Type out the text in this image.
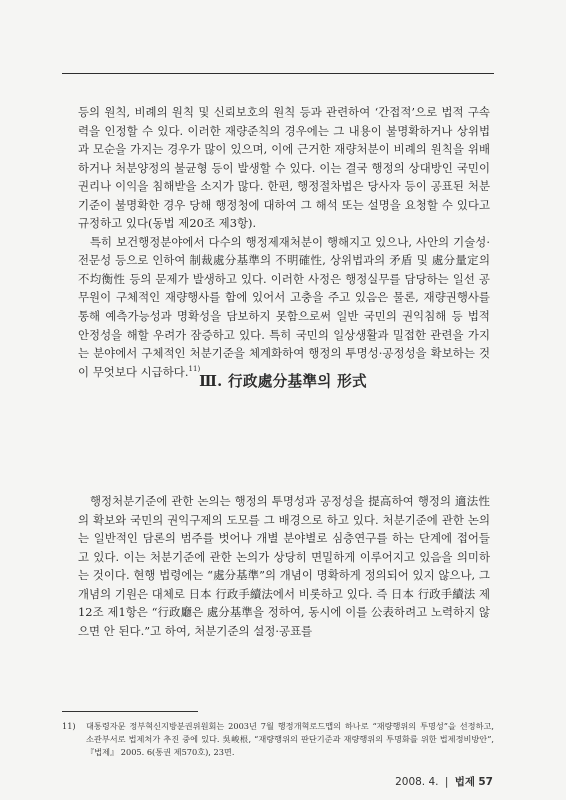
등의 원칙, 비례의 원칙 및 신뢰보호의 원칙 등과 관련하여 ‘간접적’으로 법적 구속력을 인정할 수 있다. 이러한 재량준칙의 경우에는 그 내용이 불명확하거나 상위법과 모순을 가지는 경우가 많이 있으며, 이에 근거한 재량처분이 비례의 원칙을 위배하거나 처분양정의 불균형 등이 발생할 수 있다. 이는 결국 행정의 상대방인 국민이 권리나 이익을 침해받을 소지가 많다. 한편, 행정절차법은 당사자 등이 공표된 처분기준이 불명확한 경우 당해 행정청에 대하여 그 해석 또는 설명을 요청할 수 있다고 규정하고 있다(동법 제20조 제3항).

특히 보건행정분야에서 다수의 행정제재처분이 행해지고 있으나, 사안의 기술성·전문성 등으로 인하여 制裁處分基準의 不明確性, 상위법과의 矛盾 및 處分量定의 不均衡性 등의 문제가 발생하고 있다. 이러한 사정은 행정실무를 담당하는 일선 공무원이 구체적인 재량행사를 함에 있어서 고충을 주고 있음은 물론, 재량권행사를 통해 예측가능성과 명확성을 담보하지 못함으로써 일반 국민의 권익침해 등 법적 안정성을 해할 우려가 잠증하고 있다. 특히 국민의 일상생활과 밀접한 관련을 가지는 분야에서 구체적인 처분기준을 체계화하여 행정의 투명성·공정성을 확보하는 것이 무엇보다 시급하다.$^{11)}$

Ⅲ. 行政處分基準의 形式

행정처분기준에 관한 논의는 행정의 투명성과 공정성을 提高하여 행정의 適法性의 확보와 국민의 권익구제의 도모를 그 배경으로 하고 있다. 처분기준에 관한 논의는 일반적인 담론의 범주를 벗어나 개별 분야별로 심층연구를 하는 단계에 접어들고 있다. 이는 처분기준에 관한 논의가 상당히 면밀하게 이루어지고 있음을 의미하는 것이다. 현행 법령에는 “處分基準”의 개념이 명확하게 정의되어 있지 않으나, 그 개념의 기원은 대체로 日本 行政手續法에서 비롯하고 있다. 즉 日本 行政手續法 제12조 제1항은 “行政廳은 處分基準을 정하여, 동시에 이를 公表하려고 노력하지 않으면 안 된다.”고 하여, 처분기준의 설정·공표를

11) 대통령자문 정부혁신지방분권위원회는 2003년 7월 행정개혁로드맵의 하나로 “재량행위의 투명성”을 선정하고, 소관부서로 법제처가 추진 중에 있다. 吳峻根, “재량행위의 판단기준과 재량행위의 투명화를 위한 법제정비방안”, 『법제』 2005. 6(통권 제570호), 23면.
2008. 4. | 법제 57
